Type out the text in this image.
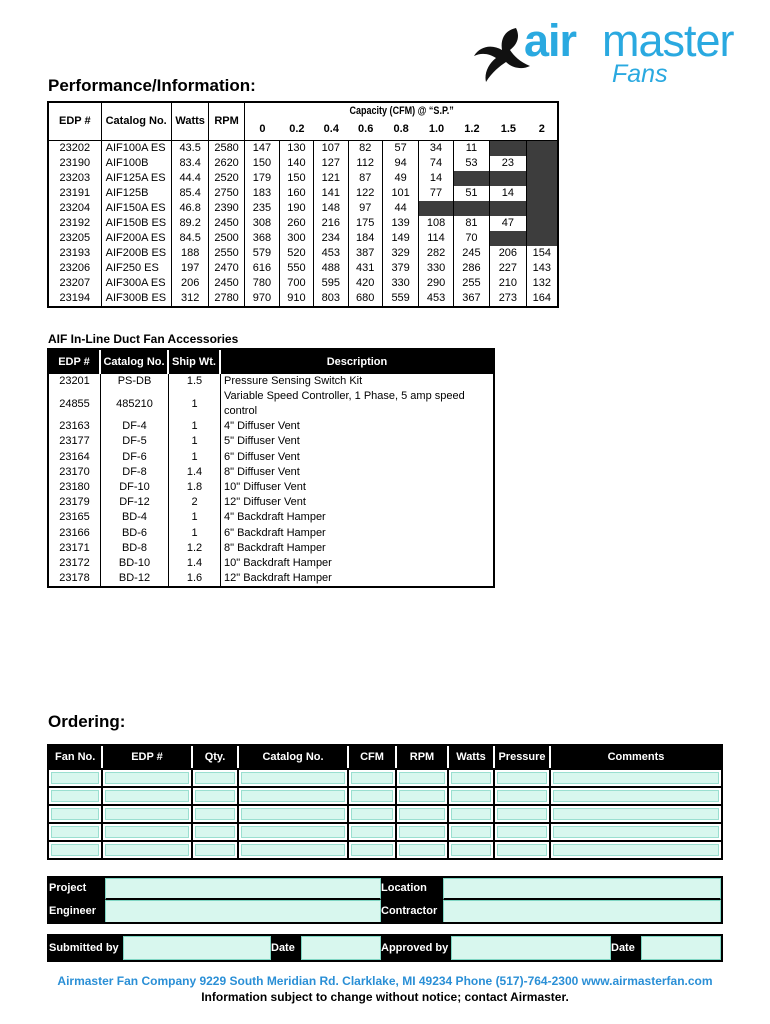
air master
Fans
Performance/Information:
EDP #	Catalog No.	Watts	RPM	Capacity (CFM) @ “S.P.”								
				0	0.2	0.4	0.6	0.8	1.0	1.2	1.5	2
23202	AIF100A ES	43.5	2580	147	130	107	82	57	34	11		
23190	AIF100B	83.4	2620	150	140	127	112	94	74	53	23	
23203	AIF125A ES	44.4	2520	179	150	121	87	49	14			
23191	AIF125B	85.4	2750	183	160	141	122	101	77	51	14	
23204	AIF150A ES	46.8	2390	235	190	148	97	44				
23192	AIF150B ES	89.2	2450	308	260	216	175	139	108	81	47	
23205	AIF200A ES	84.5	2500	368	300	234	184	149	114	70		
23193	AIF200B ES	188	2550	579	520	453	387	329	282	245	206	154
23206	AIF250 ES	197	2470	616	550	488	431	379	330	286	227	143
23207	AIF300A ES	206	2450	780	700	595	420	330	290	255	210	132
23194	AIF300B ES	312	2780	970	910	803	680	559	453	367	273	164
AIF In-Line Duct Fan Accessories
EDP #	Catalog No.	Ship Wt.	Description
23201	PS-DB	1.5	Pressure Sensing Switch Kit
24855	485210	1	Variable Speed Controller, 1 Phase, 5 amp speed control
23163	DF-4	1	4" Diffuser Vent
23177	DF-5	1	5" Diffuser Vent
23164	DF-6	1	6" Diffuser Vent
23170	DF-8	1.4	8" Diffuser Vent
23180	DF-10	1.8	10" Diffuser Vent
23179	DF-12	2	12" Diffuser Vent
23165	BD-4	1	4" Backdraft Hamper
23166	BD-6	1	6" Backdraft Hamper
23171	BD-8	1.2	8" Backdraft Hamper
23172	BD-10	1.4	10" Backdraft Hamper
23178	BD-12	1.6	12" Backdraft Hamper
Ordering:
Fan No.	EDP #	Qty.	Catalog No.	CFM	RPM	Watts	Pressure	Comments

Project		Location	
Engineer		Contractor	
Submitted by		Date		Approved by		Date	
Airmaster Fan Company 9229 South Meridian Rd. Clarklake, MI 49234 Phone (517)-764-2300 www.airmasterfan.com
Information subject to change without notice; contact Airmaster.
